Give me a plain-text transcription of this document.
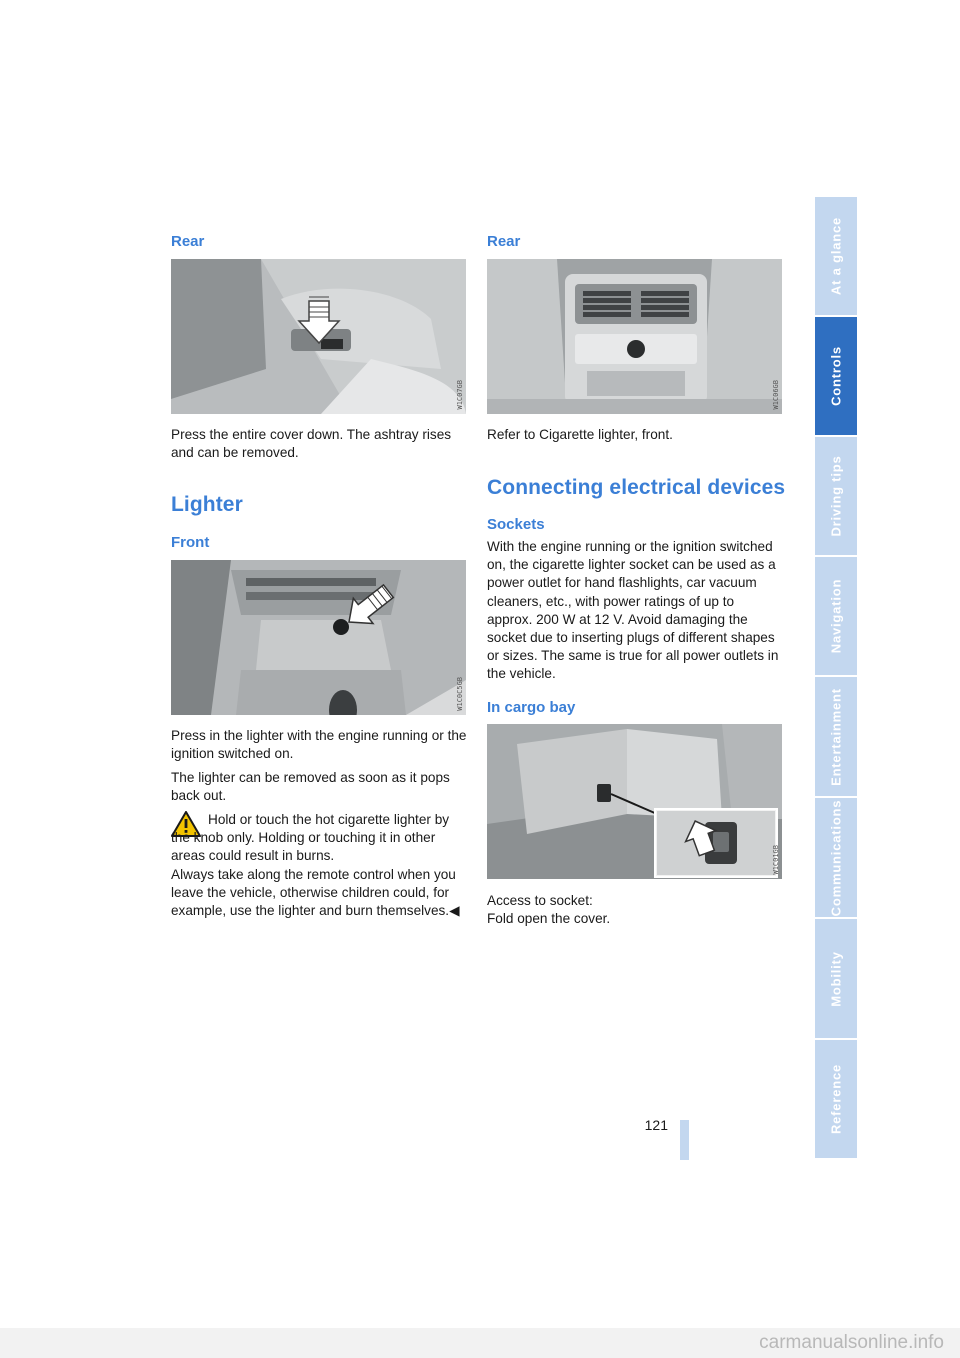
Rear
W1C07GB

Press the entire cover down. The ashtray rises and can be removed.

Lighter
Front
W1C0C5GB

Press in the lighter with the engine running or the ignition switched on.

The lighter can be removed as soon as it pops back out.

Hold or touch the hot cigarette lighter by the knob only. Holding or touching it in other areas could result in burns.

Always take along the remote control when you leave the vehicle, otherwise children could, for example, use the lighter and burn themselves.◀

Rear
W1C06GB

Refer to Cigarette lighter, front.

Connecting electrical devices
Sockets

With the engine running or the ignition switched on, the cigarette lighter socket can be used as a power outlet for hand flashlights, car vacuum cleaners, etc., with power ratings of up to approx. 200 W at 12 V. Avoid damaging the socket due to inserting plugs of different shapes or sizes. The same is true for all power outlets in the vehicle.

In cargo bay
W1C01GB

Access to socket:

Fold open the cover.

At a glance
Controls
Driving tips
Navigation
Entertainment
Communications
Mobility
Reference
121
carmanualsonline.info
